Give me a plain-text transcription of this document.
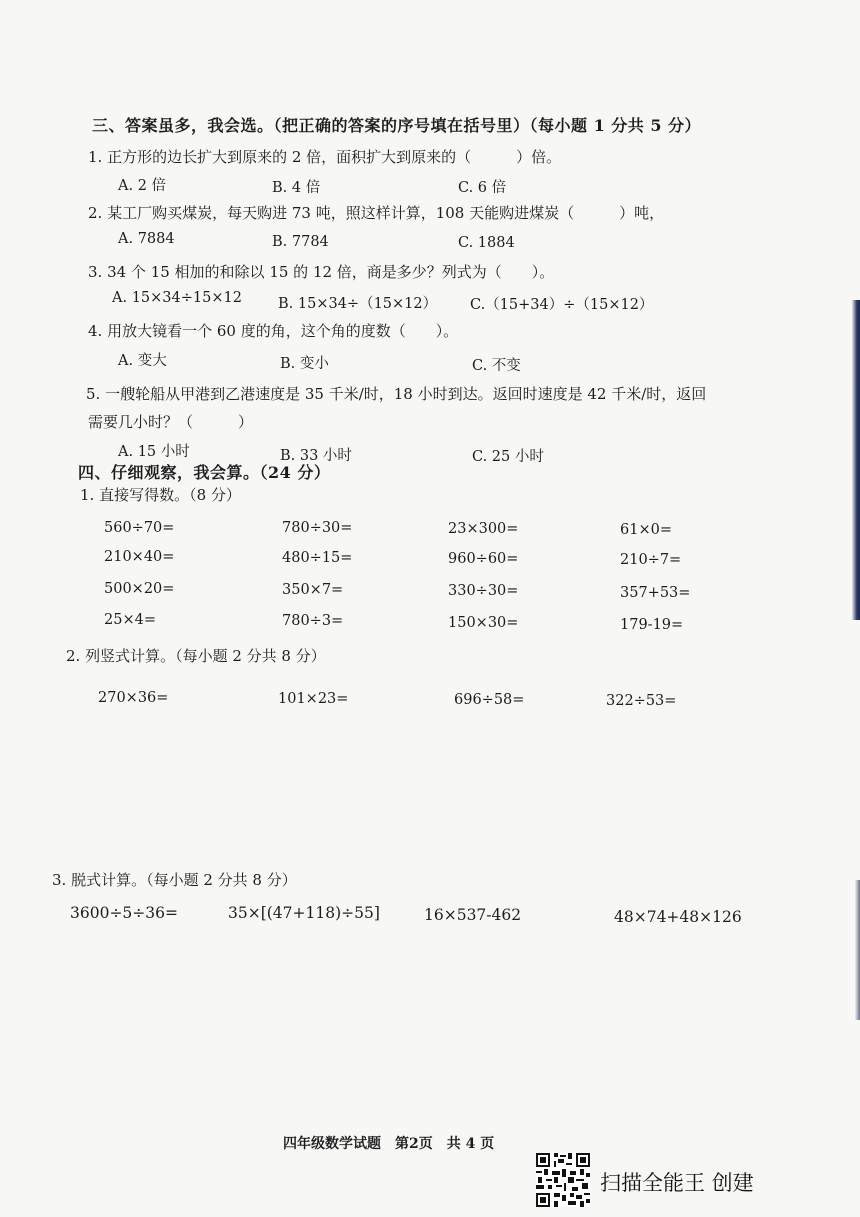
三、答案虽多，我会选。（把正确的答案的序号填在括号里）（每小题 1 分共 5 分）
1. 正方形的边长扩大到原来的 2 倍，面积扩大到原来的（　　　）倍。
A. 2 倍	B. 4 倍	C. 6 倍
2. 某工厂购买煤炭，每天购进 73 吨，照这样计算，108 天能购进煤炭（　　　）吨，
A. 7884	B. 7784	C. 1884
3. 34 个 15 相加的和除以 15 的 12 倍，商是多少？列式为（　　）。
A. 15×34÷15×12 B. 15×34÷（15×12） C.（15+34）÷（15×12）
4. 用放大镜看一个 60 度的角，这个角的度数（　　）。
A. 变大	B. 变小	C. 不变
5. 一艘轮船从甲港到乙港速度是 35 千米/时，18 小时到达。返回时速度是 42 千米/时，返回
需要几小时？（　　　）
A. 15 小时	B. 33 小时	C. 25 小时
四、仔细观察，我会算。（24 分）
1. 直接写得数。（8 分）
560÷70=	780÷30=	23×300=	61×0=
210×40=	480÷15=	960÷60=	210÷7=
500×20=	350×7=	330÷30=	357+53=
25×4=	780÷3=	150×30=	179-19=
2. 列竖式计算。（每小题 2 分共 8 分）
270×36=	101×23=	696÷58=	322÷53=
3. 脱式计算。（每小题 2 分共 8 分）
3600÷5÷36=	35×[(47+118)÷55]	16×537-462	48×74+48×126
四年级数学试题　第2页　共 4 页
扫描全能王 创建
